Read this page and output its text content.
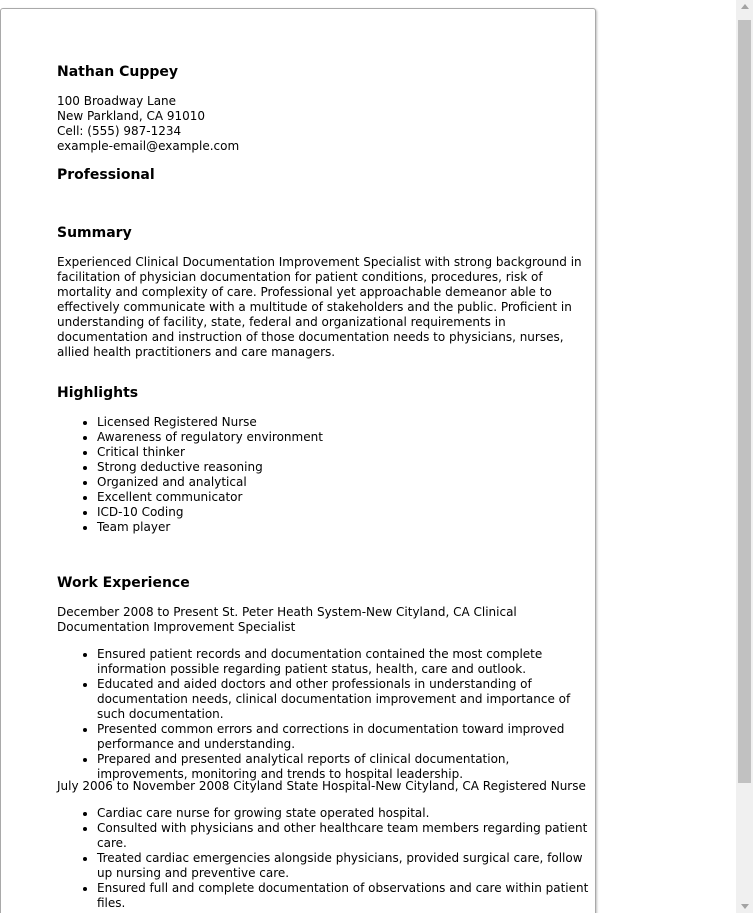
Nathan Cuppey
100 Broadway Lane
New Parkland, CA 91010
Cell: (555) 987-1234
example-email@example.com
Professional
Summary

Experienced Clinical Documentation Improvement Specialist with strong background in facilitation of physician documentation for patient conditions, procedures, risk of mortality and complexity of care. Professional yet approachable demeanor able to effectively communicate with a multitude of stakeholders and the public. Proficient in understanding of facility, state, federal and organizational requirements in documentation and instruction of those documentation needs to physicians, nurses, allied health practitioners and care managers.

Highlights
Licensed Registered Nurse
Awareness of regulatory environment
Critical thinker
Strong deductive reasoning
Organized and analytical
Excellent communicator
ICD-10 Coding
Team player
Work Experience

December 2008 to Present St. Peter Heath System-New Cityland, CA Clinical Documentation Improvement Specialist

Ensured patient records and documentation contained the most complete information possible regarding patient status, health, care and outlook.
Educated and aided doctors and other professionals in understanding of documentation needs, clinical documentation improvement and importance of such documentation.
Presented common errors and corrections in documentation toward improved performance and understanding.
Prepared and presented analytical reports of clinical documentation, improvements, monitoring and trends to hospital leadership.

July 2006 to November 2008 Cityland State Hospital-New Cityland, CA Registered Nurse

Cardiac care nurse for growing state operated hospital.
Consulted with physicians and other healthcare team members regarding patient care.
Treated cardiac emergencies alongside physicians, provided surgical care, follow up nursing and preventive care.
Ensured full and complete documentation of observations and care within patient files.
